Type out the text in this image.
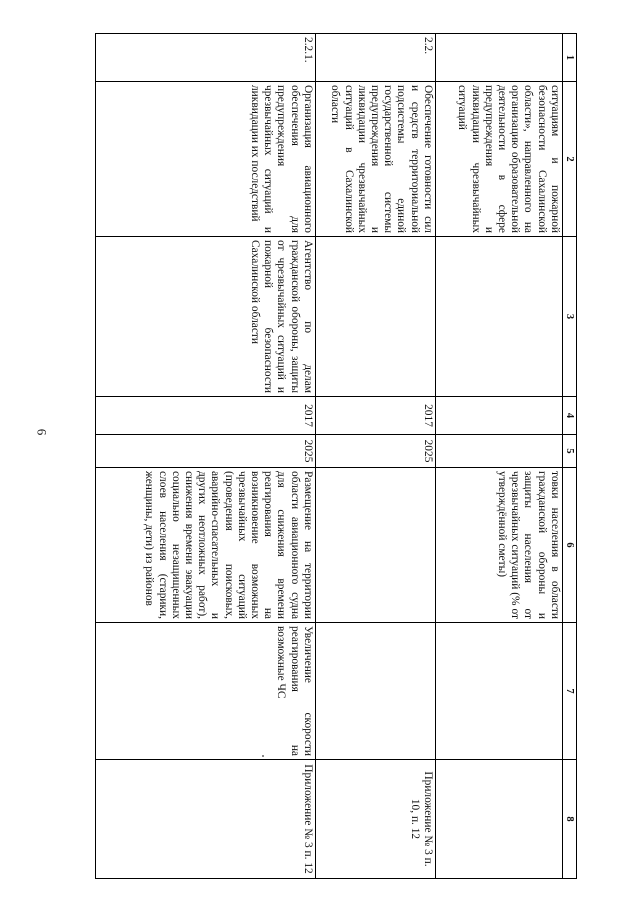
6
1	2	3	4	5	6	7	8
	ситуациям и пожарной безопасности Сахалинской области», направленного на организацию образовательной деятельности в сфере предупреждения и ликвидации чрезвычайных ситуаций				товки населения в области гражданской обороны и защиты населения от чрезвычайных ситуаций (% от утверждённой сметы)		
2.2.	Обеспечение готовности сил и средств территориальной подсистемы единой государственной системы предупреждения и ликвидации чрезвычайных ситуаций в Сахалинской области		2017	2025			Приложение № 3 п. 10, п. 12
2.2.1.	Организация авиационного обеспечения для предупреждения чрезвычайных ситуаций и ликвидации их последствий	Агентство по делам гражданской обороны, защиты от чрезвычайных ситуаций и пожарной безопасности Сахалинской области	2017	2025	Размещение на территории области авиационного судна для снижения времени реагирования на возникновение возможных чрезвычайных ситуаций (проведения поисковых, аварийно-спасательных и других неотложных работ), снижения времени эвакуации социально незащищенных слоев населения (старики, женщины, дети) из районов	Увеличение скорости реагирования на возможные ЧС	Приложение № 3 п. 12
